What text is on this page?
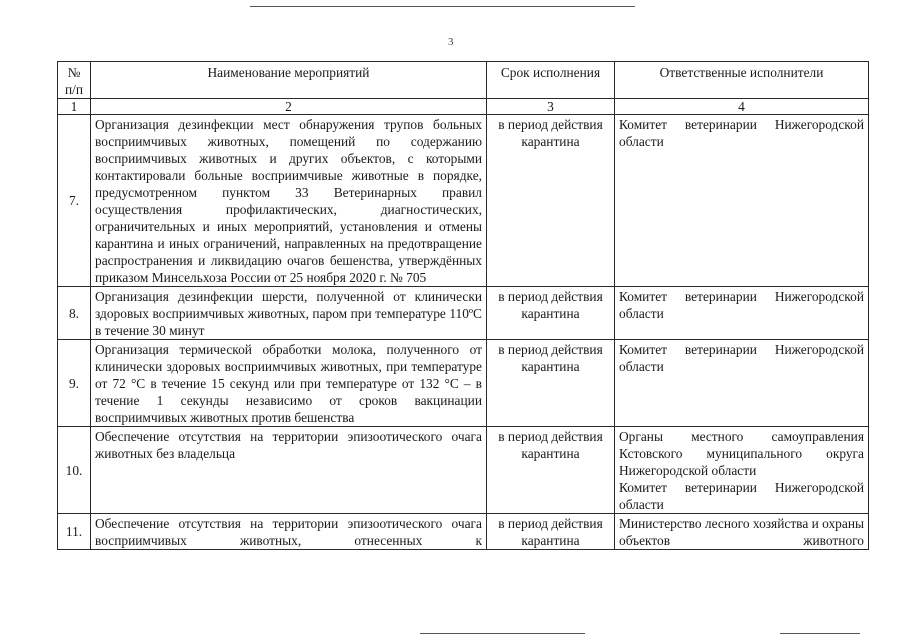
3
№ п/п	Наименование мероприятий	Срок исполнения	Ответственные исполнители
1	2	3	4
7.	Организация дезинфекции мест обнаружения трупов больных восприимчивых животных, помещений по содержанию восприимчивых животных и других объектов, с которыми контактировали больные восприимчивые животные в порядке, предусмотренном пунктом 33 Ветеринарных правил осуществления профилактических, диагностических, ограничительных и иных мероприятий, установления и отмены карантина и иных ограничений, направленных на предотвращение распространения и ликвидацию очагов бешенства, утверждённых приказом Минсельхоза России от 25 ноября 2020 г. № 705	в период действия карантина	Комитет ветеринарии Нижегородской области

8.	Организация дезинфекции шерсти, полученной от клинически здоровых восприимчивых животных, паром при температуре 110ºС в течение 30 минут	в период действия карантина	Комитет ветеринарии Нижегородской области

9.	Организация термической обработки молока, полученного от клинически здоровых восприимчивых животных, при температуре от 72 °С в течение 15 секунд или при температуре от 132 °С – в течение 1 секунды независимо от сроков вакцинации восприимчивых животных против бешенства	в период действия карантина	Комитет ветеринарии Нижегородской области

10.	Обеспечение отсутствия на территории эпизоотического очага животных без владельца	в период действия карантина	Органы местного самоуправления Кстовского муниципального округа Нижегородской области
Комитет ветеринарии Нижегородской области

11.	Обеспечение отсутствия на территории эпизоотического очага восприимчивых животных, отнесенных к	в период действия карантина	Министерство лесного хозяйства и охраны объектов животного
